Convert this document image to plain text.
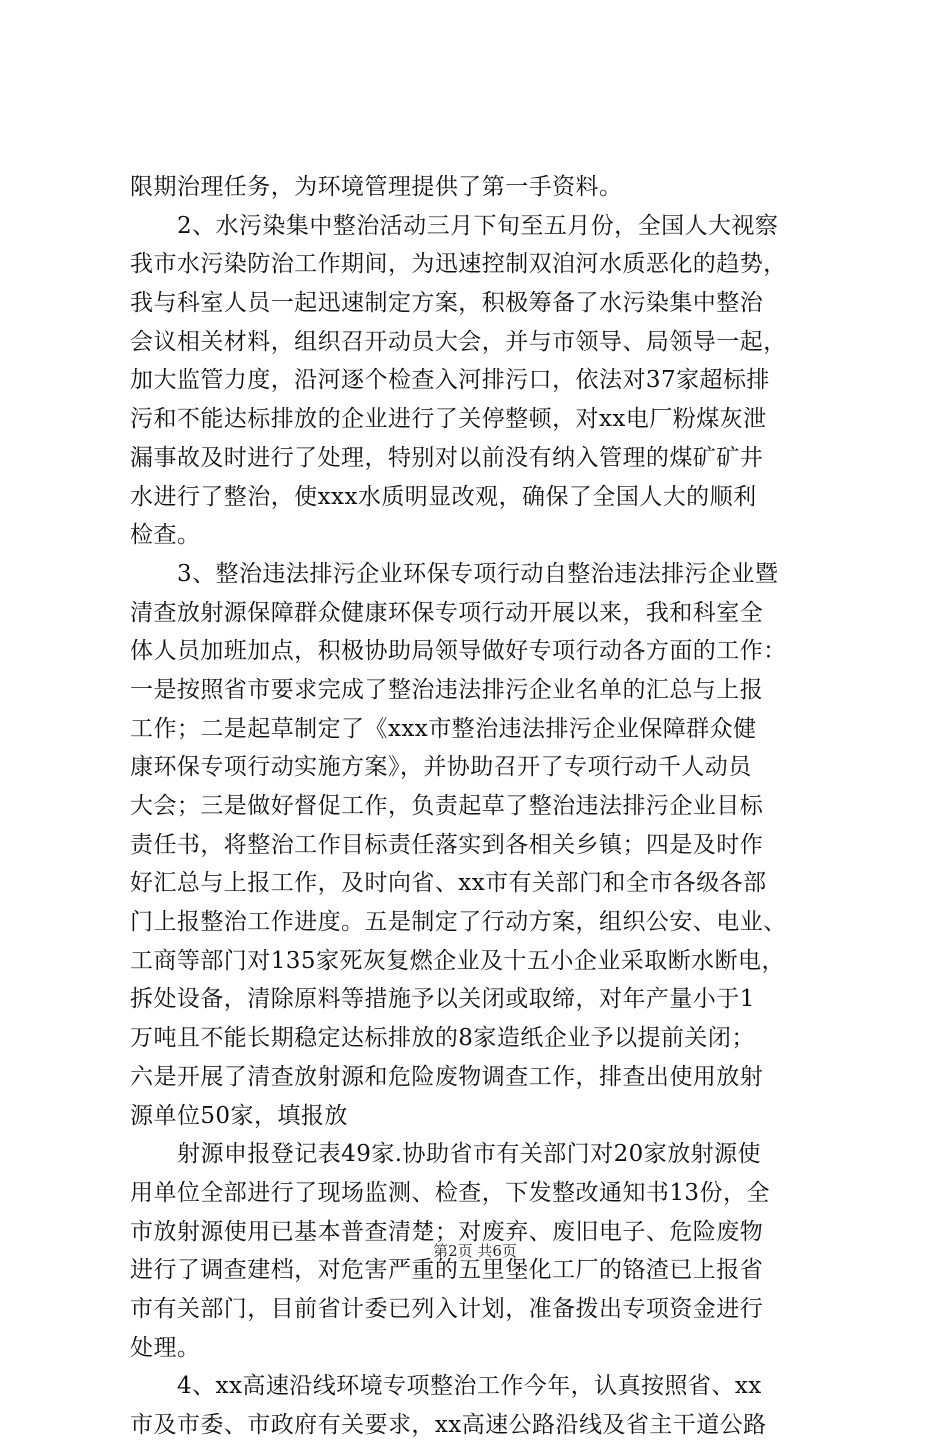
限期治理任务，为环境管理提供了第一手资料。
2、水污染集中整治活动三月下旬至五月份，全国人大视察
我市水污染防治工作期间，为迅速控制双洎河水质恶化的趋势，
我与科室人员一起迅速制定方案，积极筹备了水污染集中整治
会议相关材料，组织召开动员大会，并与市领导、局领导一起，
加大监管力度，沿河逐个检查入河排污口，依法对37家超标排
污和不能达标排放的企业进行了关停整顿，对xx电厂粉煤灰泄
漏事故及时进行了处理，特别对以前没有纳入管理的煤矿矿井
水进行了整治，使xxx水质明显改观，确保了全国人大的顺利
检查。
3、整治违法排污企业环保专项行动自整治违法排污企业暨
清查放射源保障群众健康环保专项行动开展以来，我和科室全
体人员加班加点，积极协助局领导做好专项行动各方面的工作：
一是按照省市要求完成了整治违法排污企业名单的汇总与上报
工作；二是起草制定了《xxx市整治违法排污企业保障群众健
康环保专项行动实施方案》，并协助召开了专项行动千人动员
大会；三是做好督促工作，负责起草了整治违法排污企业目标
责任书，将整治工作目标责任落实到各相关乡镇；四是及时作
好汇总与上报工作，及时向省、xx市有关部门和全市各级各部
门上报整治工作进度。五是制定了行动方案，组织公安、电业、
工商等部门对135家死灰复燃企业及十五小企业采取断水断电，
拆处设备，清除原料等措施予以关闭或取缔，对年产量小于1
万吨且不能长期稳定达标排放的8家造纸企业予以提前关闭；
六是开展了清查放射源和危险废物调查工作，排查出使用放射
源单位50家，填报放
射源申报登记表49家.协助省市有关部门对20家放射源使
用单位全部进行了现场监测、检查，下发整改通知书13份，全
市放射源使用已基本普查清楚；对废弃、废旧电子、危险废物
进行了调查建档，对危害严重的五里堡化工厂的铬渣已上报省
市有关部门，目前省计委已列入计划，准备拨出专项资金进行
处理。
4、xx高速沿线环境专项整治工作今年，认真按照省、xx
市及市委、市政府有关要求，xx高速公路沿线及省主干道公路
第2页 共6页
